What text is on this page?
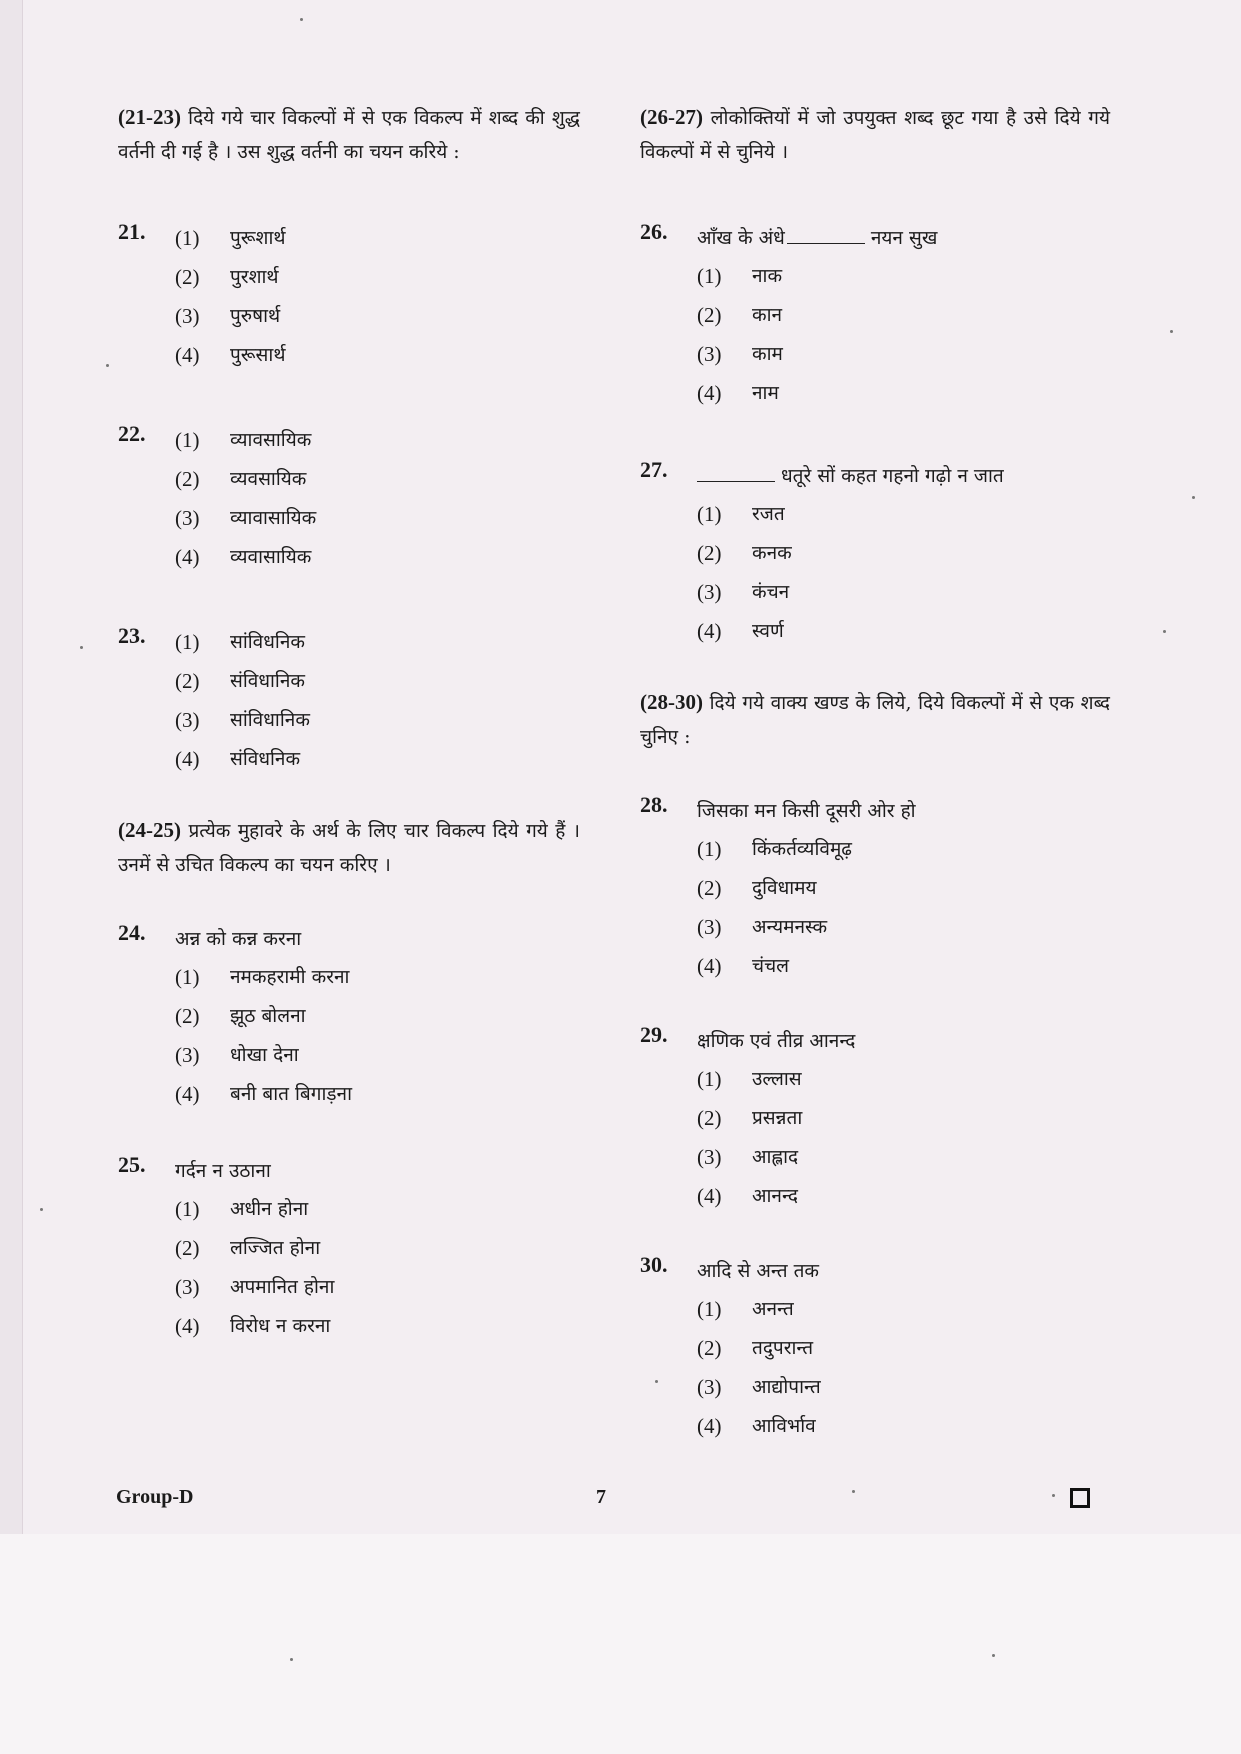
(21-23) दिये गये चार विकल्पों में से एक विकल्प में शब्द की शुद्ध वर्तनी दी गई है । उस शुद्ध वर्तनी का चयन करिये :
21. (1) पुरूशार्थ
(2) पुरशार्थ
(3) पुरुषार्थ
(4) पुरूसार्थ
22. (1) व्यावसायिक
(2) व्यवसायिक
(3) व्यावासायिक
(4) व्यवासायिक
23. (1) सांविधनिक
(2) संविधानिक
(3) सांविधानिक
(4) संविधनिक
(24-25) प्रत्येक मुहावरे के अर्थ के लिए चार विकल्प दिये गये हैं । उनमें से उचित विकल्प का चयन करिए ।
24. अन्न को कन्न करना
(1) नमकहरामी करना
(2) झूठ बोलना
(3) धोखा देना
(4) बनी बात बिगाड़ना
25. गर्दन न उठाना
(1) अधीन होना
(2) लज्जित होना
(3) अपमानित होना
(4) विरोध न करना
(26-27) लोकोक्तियों में जो उपयुक्त शब्द छूट गया है उसे दिये गये विकल्पों में से चुनिये ।
26. आँख के अंधे	नयन सुख
(1) नाक
(2) कान
(3) काम
(4) नाम
27.	धतूरे सों कहत गहनो गढ़ो न जात
(1) रजत
(2) कनक
(3) कंचन
(4) स्वर्ण
(28-30) दिये गये वाक्य खण्ड के लिये, दिये विकल्पों में से एक शब्द चुनिए :
28. जिसका मन किसी दूसरी ओर हो
(1) किंकर्तव्यविमूढ़
(2) दुविधामय
(3) अन्यमनस्क
(4) चंचल
29. क्षणिक एवं तीव्र आनन्द
(1) उल्लास
(2) प्रसन्नता
(3) आह्लाद
(4) आनन्द
30. आदि से अन्त तक
(1) अनन्त
(2) तदुपरान्त
(3) आद्योपान्त
(4) आविर्भाव
Group-D	7
